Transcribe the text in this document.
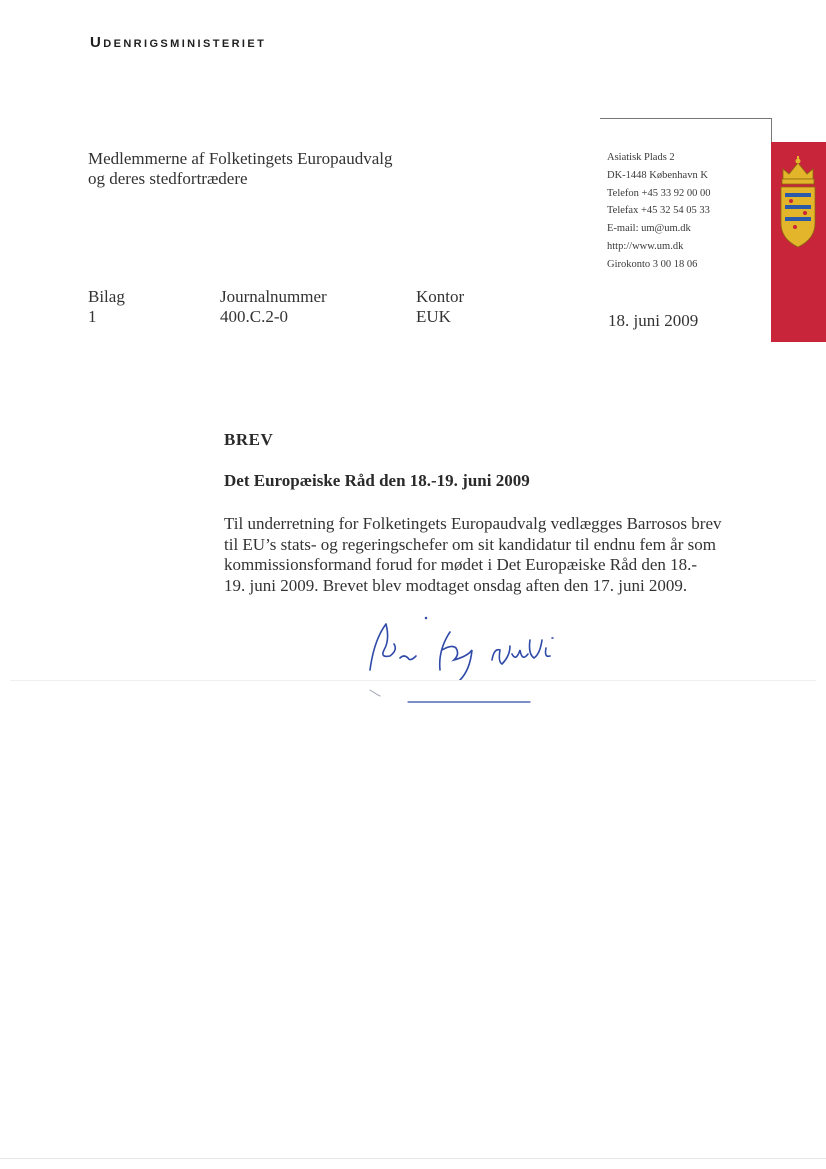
Udenrigsministeriet
Medlemmerne af Folketingets Europaudvalg
og deres stedfortrædere
Asiatisk Plads 2
DK-1448 København K
Telefon +45 33 92 00 00
Telefax +45 32 54 05 33
E-mail: um@um.dk
http://www.um.dk
Girokonto 3 00 18 06
Bilag
1
Journalnummer
400.C.2-0
Kontor
EUK	18. juni 2009
BREV
Det Europæiske Råd den 18.-19. juni 2009
Til underretning for Folketingets Europaudvalg vedlægges Barrosos brev
til EU’s stats- og regeringschefer om sit kandidatur til endnu fem år som
kommissionsformand forud for mødet i Det Europæiske Råd den 18.-
19. juni 2009. Brevet blev modtaget onsdag aften den 17. juni 2009.
